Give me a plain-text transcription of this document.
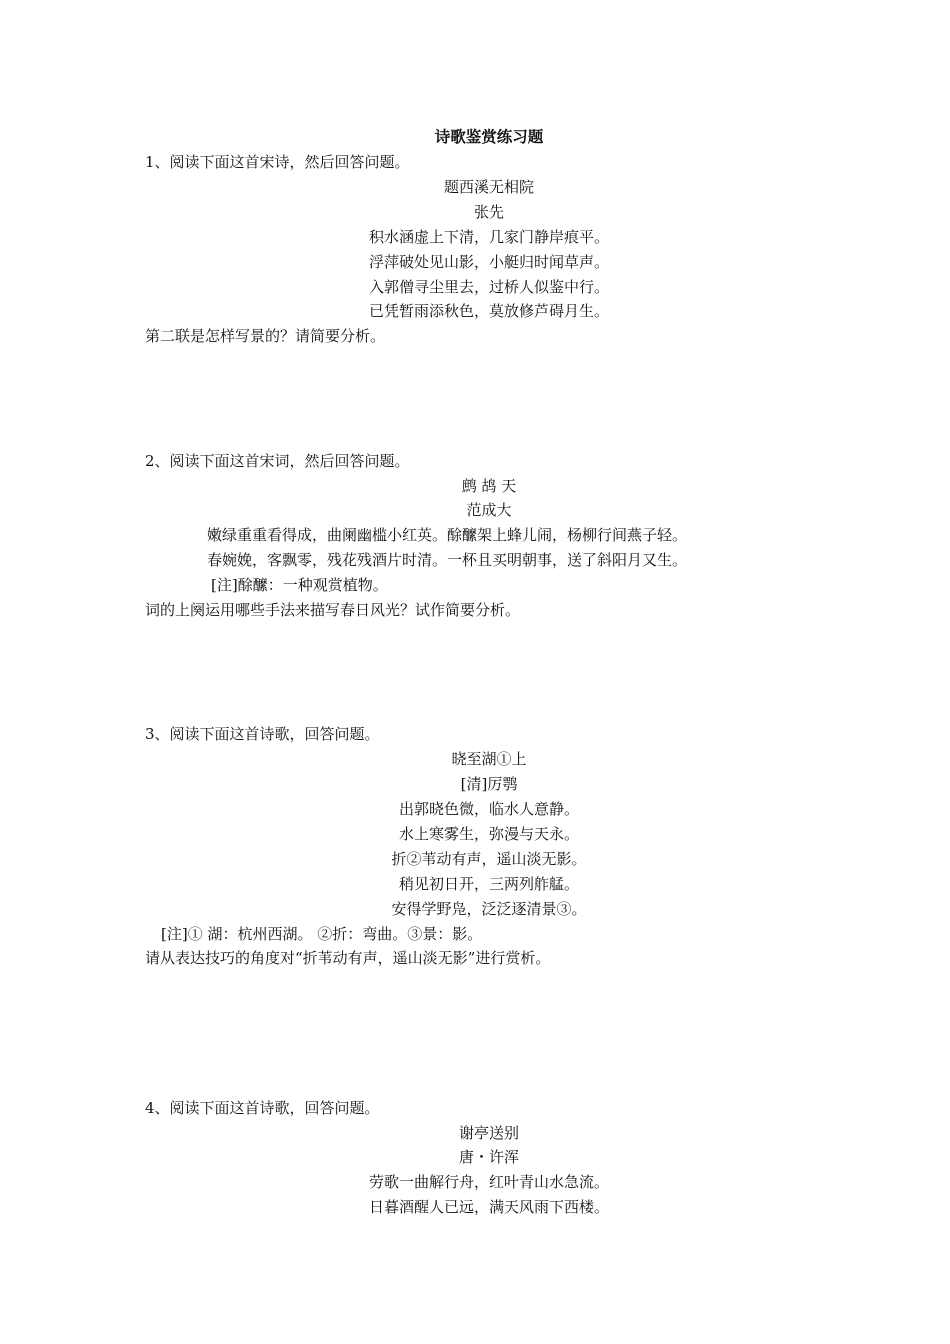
诗歌鉴赏练习题
1、阅读下面这首宋诗，然后回答问题。
题西溪无相院
张先
积水涵虚上下清，几家门静岸痕平。
浮萍破处见山影，小艇归时闻草声。
入郭僧寻尘里去，过桥人似鉴中行。
已凭暂雨添秋色，莫放修芦碍月生。
第二联是怎样写景的？请简要分析。
2、阅读下面这首宋词，然后回答问题。
鹧 鸪 天
范成大
嫩绿重重看得成，曲阑幽槛小红英。酴醿架上蜂儿闹，杨柳行间燕子轻。
春婉娩，客飘零，残花残酒片时清。一杯且买明朝事，送了斜阳月又生。
[注]酴醿：一种观赏植物。
词的上阕运用哪些手法来描写春日风光？试作简要分析。
3、阅读下面这首诗歌，回答问题。
晓至湖①上
[清]厉鹗
出郭晓色微，临水人意静。
水上寒雾生，弥漫与天永。
折②苇动有声，遥山淡无影。
稍见初日开，三两列舴艋。
安得学野凫，泛泛逐清景③。
[注]① 湖：杭州西湖。 ②折：弯曲。③景：影。
请从表达技巧的角度对“折苇动有声，遥山淡无影”进行赏析。
4、阅读下面这首诗歌，回答问题。
谢亭送别
唐・许浑
劳歌一曲解行舟，红叶青山水急流。
日暮酒醒人已远，满天风雨下西楼。
